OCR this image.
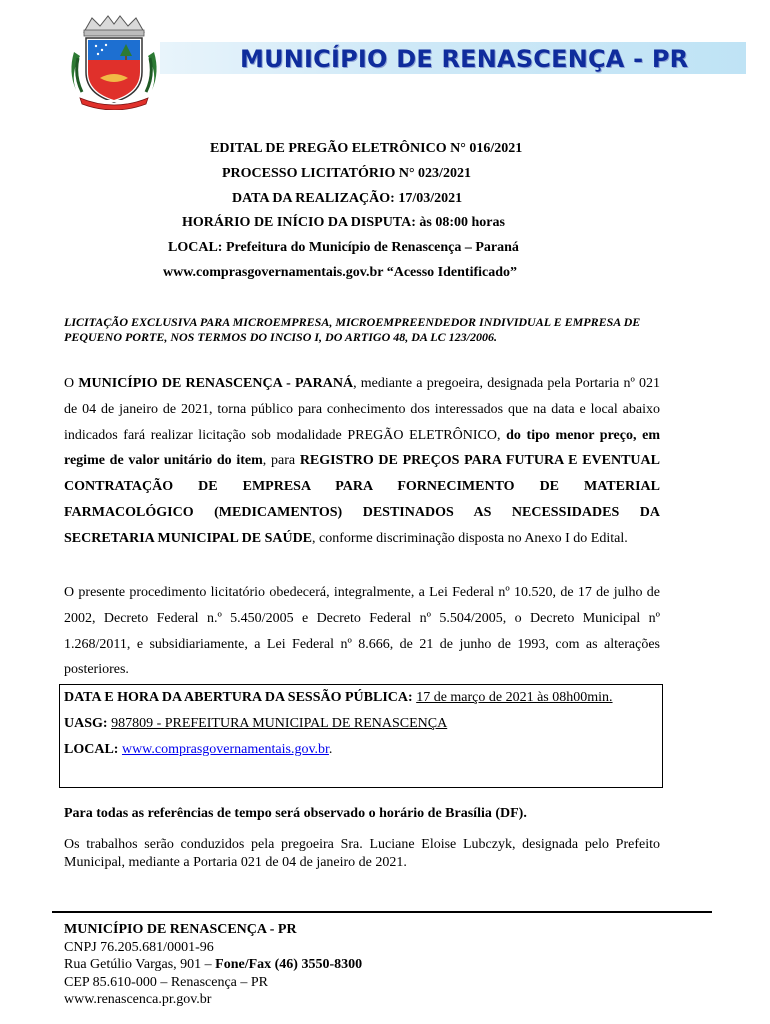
MUNICÍPIO DE RENASCENÇA - PR
EDITAL DE PREGÃO ELETRÔNICO N° 016/2021
PROCESSO LICITATÓRIO N° 023/2021
DATA DA REALIZAÇÃO: 17/03/2021
HORÁRIO DE INÍCIO DA DISPUTA: às 08:00 horas
LOCAL: Prefeitura do Município de Renascença – Paraná
www.comprasgovernamentais.gov.br “Acesso Identificado”
LICITAÇÃO EXCLUSIVA PARA MICROEMPRESA, MICROEMPREENDEDOR INDIVIDUAL E EMPRESA DE PEQUENO PORTE, NOS TERMOS DO INCISO I, DO ARTIGO 48, DA LC 123/2006.
O MUNICÍPIO DE RENASCENÇA - PARANÁ, mediante a pregoeira, designada pela Portaria nº 021 de 04 de janeiro de 2021, torna público para conhecimento dos interessados que na data e local abaixo indicados fará realizar licitação sob modalidade PREGÃO ELETRÔNICO, do tipo menor preço, em regime de valor unitário do item, para REGISTRO DE PREÇOS PARA FUTURA E EVENTUAL CONTRATAÇÃO DE EMPRESA PARA FORNECIMENTO DE MATERIAL FARMACOLÓGICO (MEDICAMENTOS) DESTINADOS AS NECESSIDADES DA SECRETARIA MUNICIPAL DE SAÚDE, conforme discriminação disposta no Anexo I do Edital.
O presente procedimento licitatório obedecerá, integralmente, a Lei Federal nº 10.520, de 17 de julho de 2002, Decreto Federal n.º 5.450/2005 e Decreto Federal nº 5.504/2005, o Decreto Municipal nº 1.268/2011, e subsidiariamente, a Lei Federal nº 8.666, de 21 de junho de 1993, com as alterações posteriores.
DATA E HORA DA ABERTURA DA SESSÃO PÚBLICA: 17 de março de 2021 às 08h00min.
UASG: 987809 - PREFEITURA MUNICIPAL DE RENASCENÇA
LOCAL: www.comprasgovernamentais.gov.br.
Para todas as referências de tempo será observado o horário de Brasília (DF).
Os trabalhos serão conduzidos pela pregoeira Sra. Luciane Eloise Lubczyk, designada pelo Prefeito Municipal, mediante a Portaria 021 de 04 de janeiro de 2021.
MUNICÍPIO DE RENASCENÇA - PR
CNPJ 76.205.681/0001-96
Rua Getúlio Vargas, 901 – Fone/Fax (46) 3550-8300
CEP 85.610-000 – Renascença – PR
www.renascenca.pr.gov.br
